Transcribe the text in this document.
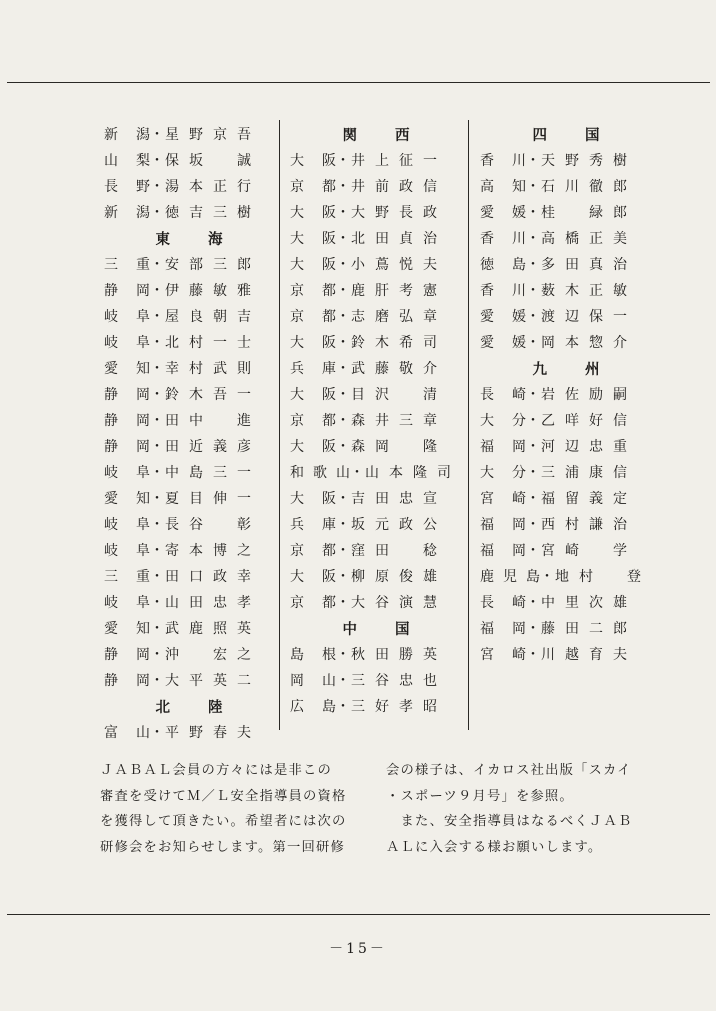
新 潟 ・ 星 野 京 吾
山 梨 ・ 保 坂
　	誠
長 野 ・ 湯 本 正 行
新 潟 ・ 徳 吉 三 樹
東	海
三 重 ・ 安 部 三 郎
静 岡 ・ 伊 藤 敏 雅
岐 阜 ・ 屋 良 朝 吉
岐 阜 ・ 北 村 一 士
愛 知 ・ 幸 村 武 則
静 岡 ・ 鈴 木 吾 一
静 岡 ・ 田 中
　	進
静 岡 ・ 田 近 義 彦
岐 阜 ・ 中 島 三 一
愛 知 ・ 夏 目 伸 一
岐 阜 ・ 長 谷
　	彰
岐 阜 ・ 寄 本 博 之
三 重 ・ 田 口 政 幸
岐 阜 ・ 山 田 忠 孝
愛 知 ・ 武 鹿 照 英
静 岡 ・ 沖
　	宏 之
静 岡 ・ 大 平 英 二
北	陸
富 山 ・ 平 野 春 夫
関	西
大 阪 ・ 井 上 征 一
京 都 ・ 井 前 政 信
大 阪 ・ 大 野 長 政
大 阪 ・ 北 田 貞 治
大 阪 ・ 小 蔦 悦 夫
京 都 ・ 鹿 肝 考 憲
京 都 ・ 志 磨 弘 章
大 阪 ・ 鈴 木 希 司
兵 庫 ・ 武 藤 敬 介
大 阪 ・ 目 沢
　	清
京 都 ・ 森 井 三 章
大 阪 ・ 森 岡
　	隆
和 歌 山 ・ 山 本 隆 司
大 阪 ・ 吉 田 忠 宣
兵 庫 ・ 坂 元 政 公
京 都 ・ 窪 田
　	稔
大 阪 ・ 柳 原 俊 雄
京 都 ・ 大 谷 演 慧
中	国
島 根 ・ 秋 田 勝 英
岡 山 ・ 三 谷 忠 也
広 島 ・ 三 好 孝 昭
四	国
香 川 ・ 天 野 秀 樹
高 知 ・ 石 川 徹 郎
愛 媛 ・ 桂
　	緑 郎
香 川 ・ 高 橋 正 美
徳 島 ・ 多 田 真 治
香 川 ・ 薮 木 正 敏
愛 媛 ・ 渡 辺 保 一
愛 媛 ・ 岡 本 惣 介
九	州
長 崎 ・ 岩 佐 励 嗣
大 分 ・ 乙 咩 好 信
福 岡 ・ 河 辺 忠 重
大 分 ・ 三 浦 康 信
宮 崎 ・ 福 留 義 定
福 岡 ・ 西 村 謙 治
福 岡 ・ 宮 崎
　	学
鹿 児 島 ・ 地 村
　	登
長 崎 ・ 中 里 次 雄
福 岡 ・ 藤 田 二 郎
宮 崎 ・ 川 越 育 夫
ＪＡＢＡＬ会員の方々には是非この
審査を受けてＭ／Ｌ安全指導員の資格
を獲得して頂きたい。希望者には次の
研修会をお知らせします。第一回研修
会の様子は、イカロス社出版「スカイ
・スポーツ９月号」を参照。
　また、安全指導員はなるべくＪＡＢ
ＡＬに入会する様お願いします。
－15－
